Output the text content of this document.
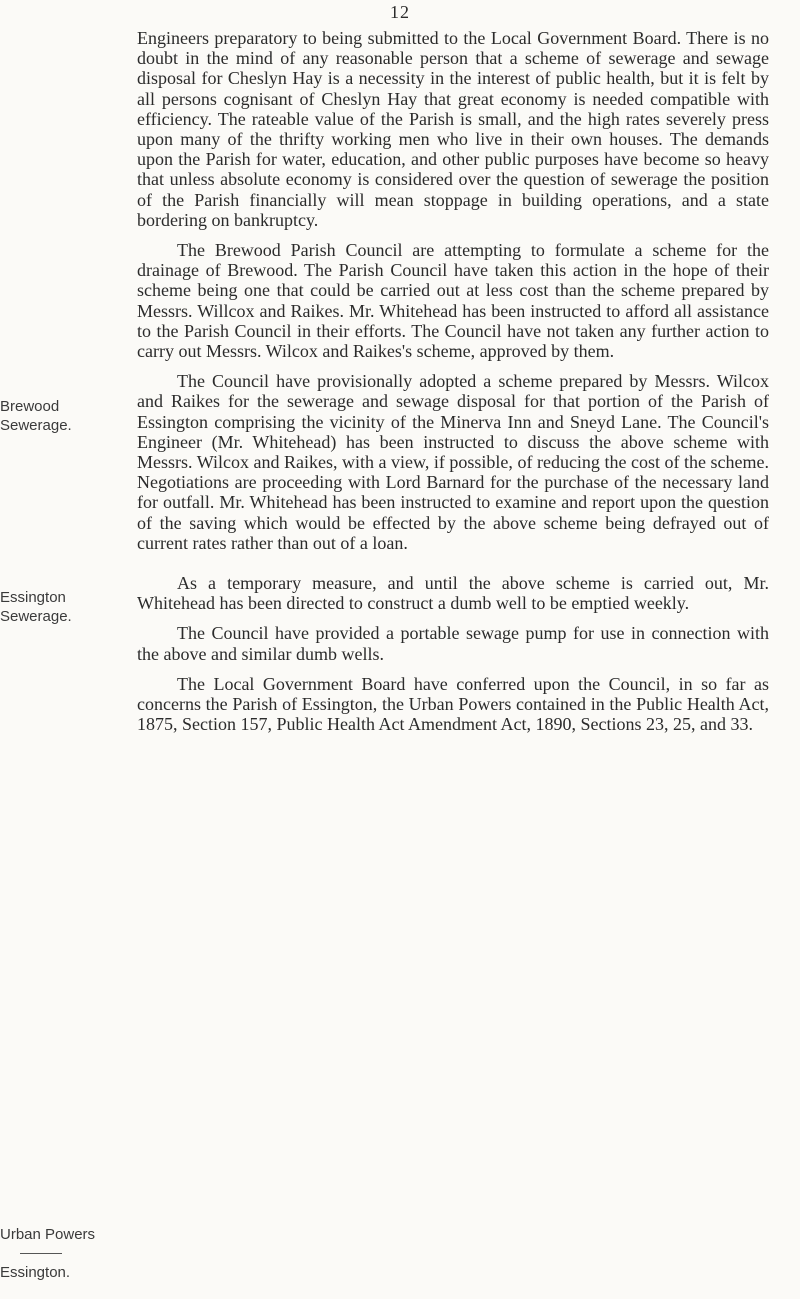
12

Engineers preparatory to being submitted to the Local Government Board. There is no doubt in the mind of any reasonable person that a scheme of sewerage and sewage disposal for Cheslyn Hay is a necessity in the interest of public health, but it is felt by all persons cognisant of Cheslyn Hay that great economy is needed compatible with efficiency. The rateable value of the Parish is small, and the high rates severely press upon many of the thrifty working men who live in their own houses. The demands upon the Parish for water, education, and other public purposes have become so heavy that unless absolute economy is considered over the question of sewerage the position of the Parish financially will mean stoppage in building operations, and a state bordering on bankruptcy.

The Brewood Parish Council are attempting to formulate a scheme for the drainage of Brewood. The Parish Council have taken this action in the hope of their scheme being one that could be carried out at less cost than the scheme prepared by Messrs. Willcox and Raikes. Mr. Whitehead has been instructed to afford all assistance to the Parish Council in their efforts. The Council have not taken any further action to carry out Messrs. Wilcox and Raikes's scheme, approved by them.

The Council have provisionally adopted a scheme prepared by Messrs. Wilcox and Raikes for the sewerage and sewage disposal for that portion of the Parish of Essington comprising the vicinity of the Minerva Inn and Sneyd Lane. The Council's Engineer (Mr. Whitehead) has been instructed to discuss the above scheme with Messrs. Wilcox and Raikes, with a view, if possible, of reducing the cost of the scheme. Negotiations are proceeding with Lord Barnard for the purchase of the necessary land for outfall. Mr. Whitehead has been instructed to examine and report upon the question of the saving which would be effected by the above scheme being defrayed out of current rates rather than out of a loan.

As a temporary measure, and until the above scheme is carried out, Mr. Whitehead has been directed to construct a dumb well to be emptied weekly.

The Council have provided a portable sewage pump for use in connection with the above and similar dumb wells.

The Local Government Board have conferred upon the Council, in so far as concerns the Parish of Essington, the Urban Powers contained in the Public Health Act, 1875, Section 157, Public Health Act Amendment Act, 1890, Sections 23, 25, and 33.

Brewood
Sewerage.
Essington
Sewerage.
Urban Powers
Essington.
